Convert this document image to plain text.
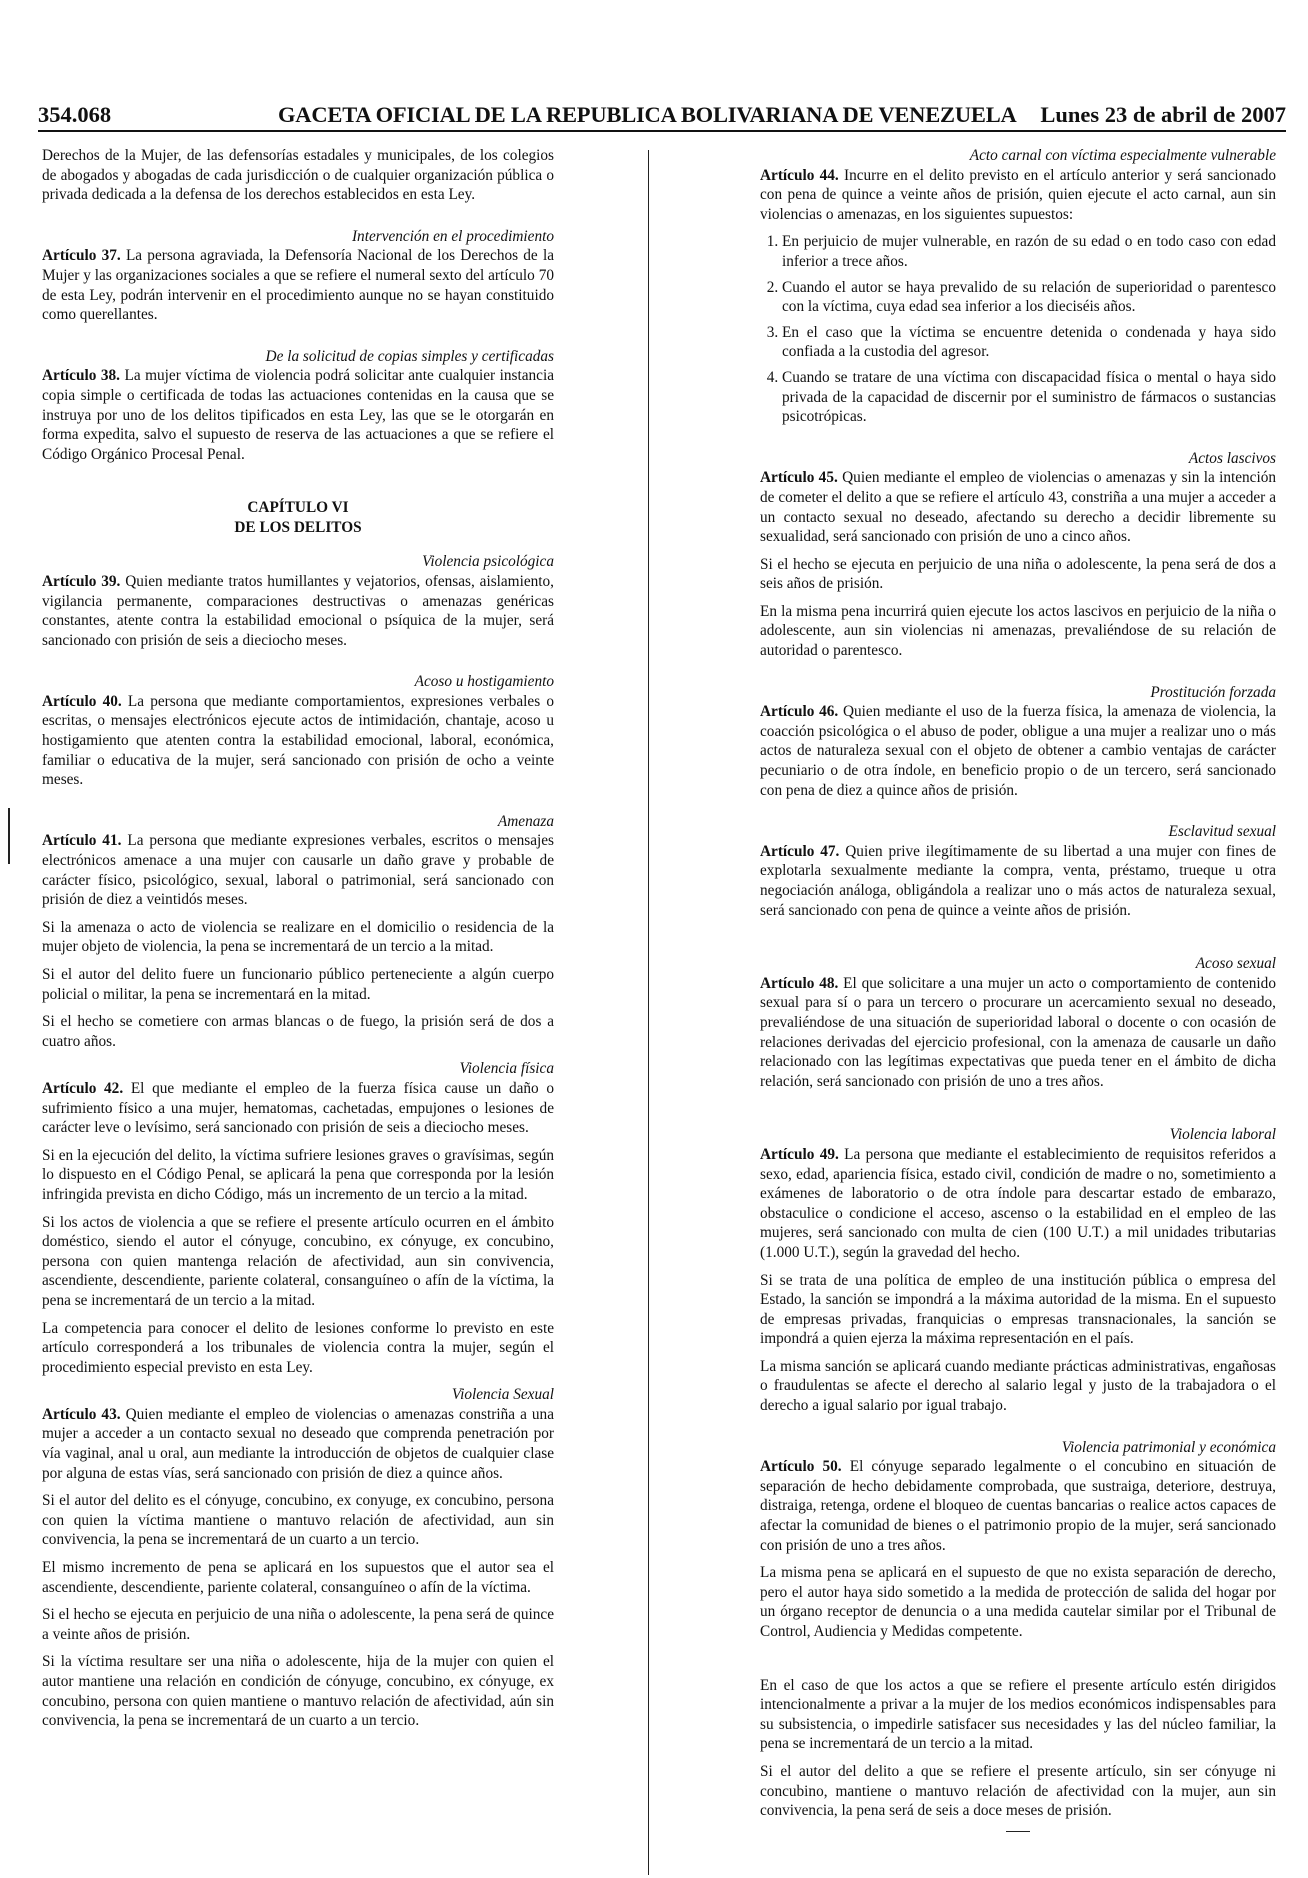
354.068	GACETA OFICIAL DE LA REPUBLICA BOLIVARIANA DE VENEZUELA Lunes 23 de abril de 2007

Derechos de la Mujer, de las defensorías estadales y municipales, de los colegios de abogados y abogadas de cada jurisdicción o de cualquier organización pública o privada dedicada a la defensa de los derechos establecidos en esta Ley.

Intervención en el procedimiento

Artículo 37. La persona agraviada, la Defensoría Nacional de los Derechos de la Mujer y las organizaciones sociales a que se refiere el numeral sexto del artículo 70 de esta Ley, podrán intervenir en el procedimiento aunque no se hayan constituido como querellantes.

De la solicitud de copias simples y certificadas

Artículo 38. La mujer víctima de violencia podrá solicitar ante cualquier instancia copia simple o certificada de todas las actuaciones contenidas en la causa que se instruya por uno de los delitos tipificados en esta Ley, las que se le otorgarán en forma expedita, salvo el supuesto de reserva de las actuaciones a que se refiere el Código Orgánico Procesal Penal.

CAPÍTULO VI
DE LOS DELITOS
Violencia psicológica

Artículo 39. Quien mediante tratos humillantes y vejatorios, ofensas, aislamiento, vigilancia permanente, comparaciones destructivas o amenazas genéricas constantes, atente contra la estabilidad emocional o psíquica de la mujer, será sancionado con prisión de seis a dieciocho meses.

Acoso u hostigamiento

Artículo 40. La persona que mediante comportamientos, expresiones verbales o escritas, o mensajes electrónicos ejecute actos de intimidación, chantaje, acoso u hostigamiento que atenten contra la estabilidad emocional, laboral, económica, familiar o educativa de la mujer, será sancionado con prisión de ocho a veinte meses.

Amenaza

Artículo 41. La persona que mediante expresiones verbales, escritos o mensajes electrónicos amenace a una mujer con causarle un daño grave y probable de carácter físico, psicológico, sexual, laboral o patrimonial, será sancionado con prisión de diez a veintidós meses.

Si la amenaza o acto de violencia se realizare en el domicilio o residencia de la mujer objeto de violencia, la pena se incrementará de un tercio a la mitad.

Si el autor del delito fuere un funcionario público perteneciente a algún cuerpo policial o militar, la pena se incrementará en la mitad.

Si el hecho se cometiere con armas blancas o de fuego, la prisión será de dos a cuatro años.

Violencia física

Artículo 42. El que mediante el empleo de la fuerza física cause un daño o sufrimiento físico a una mujer, hematomas, cachetadas, empujones o lesiones de carácter leve o levísimo, será sancionado con prisión de seis a dieciocho meses.

Si en la ejecución del delito, la víctima sufriere lesiones graves o gravísimas, según lo dispuesto en el Código Penal, se aplicará la pena que corresponda por la lesión infringida prevista en dicho Código, más un incremento de un tercio a la mitad.

Si los actos de violencia a que se refiere el presente artículo ocurren en el ámbito doméstico, siendo el autor el cónyuge, concubino, ex cónyuge, ex concubino, persona con quien mantenga relación de afectividad, aun sin convivencia, ascendiente, descendiente, pariente colateral, consanguíneo o afín de la víctima, la pena se incrementará de un tercio a la mitad.

La competencia para conocer el delito de lesiones conforme lo previsto en este artículo corresponderá a los tribunales de violencia contra la mujer, según el procedimiento especial previsto en esta Ley.

Violencia Sexual

Artículo 43. Quien mediante el empleo de violencias o amenazas constriña a una mujer a acceder a un contacto sexual no deseado que comprenda penetración por vía vaginal, anal u oral, aun mediante la introducción de objetos de cualquier clase por alguna de estas vías, será sancionado con prisión de diez a quince años.

Si el autor del delito es el cónyuge, concubino, ex conyuge, ex concubino, persona con quien la víctima mantiene o mantuvo relación de afectividad, aun sin convivencia, la pena se incrementará de un cuarto a un tercio.

El mismo incremento de pena se aplicará en los supuestos que el autor sea el ascendiente, descendiente, pariente colateral, consanguíneo o afín de la víctima.

Si el hecho se ejecuta en perjuicio de una niña o adolescente, la pena será de quince a veinte años de prisión.

Si la víctima resultare ser una niña o adolescente, hija de la mujer con quien el autor mantiene una relación en condición de cónyuge, concubino, ex cónyuge, ex concubino, persona con quien mantiene o mantuvo relación de afectividad, aún sin convivencia, la pena se incrementará de un cuarto a un tercio.

Acto carnal con víctima especialmente vulnerable

Artículo 44. Incurre en el delito previsto en el artículo anterior y será sancionado con pena de quince a veinte años de prisión, quien ejecute el acto carnal, aun sin violencias o amenazas, en los siguientes supuestos:

1. En perjuicio de mujer vulnerable, en razón de su edad o en todo caso con edad inferior a trece años.
2. Cuando el autor se haya prevalido de su relación de superioridad o parentesco con la víctima, cuya edad sea inferior a los dieciséis años.
3. En el caso que la víctima se encuentre detenida o condenada y haya sido confiada a la custodia del agresor.
4. Cuando se tratare de una víctima con discapacidad física o mental o haya sido privada de la capacidad de discernir por el suministro de fármacos o sustancias psicotrópicas.
Actos lascivos

Artículo 45. Quien mediante el empleo de violencias o amenazas y sin la intención de cometer el delito a que se refiere el artículo 43, constriña a una mujer a acceder a un contacto sexual no deseado, afectando su derecho a decidir libremente su sexualidad, será sancionado con prisión de uno a cinco años.

Si el hecho se ejecuta en perjuicio de una niña o adolescente, la pena será de dos a seis años de prisión.

En la misma pena incurrirá quien ejecute los actos lascivos en perjuicio de la niña o adolescente, aun sin violencias ni amenazas, prevaliéndose de su relación de autoridad o parentesco.

Prostitución forzada

Artículo 46. Quien mediante el uso de la fuerza física, la amenaza de violencia, la coacción psicológica o el abuso de poder, obligue a una mujer a realizar uno o más actos de naturaleza sexual con el objeto de obtener a cambio ventajas de carácter pecuniario o de otra índole, en beneficio propio o de un tercero, será sancionado con pena de diez a quince años de prisión.

Esclavitud sexual

Artículo 47. Quien prive ilegítimamente de su libertad a una mujer con fines de explotarla sexualmente mediante la compra, venta, préstamo, trueque u otra negociación análoga, obligándola a realizar uno o más actos de naturaleza sexual, será sancionado con pena de quince a veinte años de prisión.

Acoso sexual

Artículo 48. El que solicitare a una mujer un acto o comportamiento de contenido sexual para sí o para un tercero o procurare un acercamiento sexual no deseado, prevaliéndose de una situación de superioridad laboral o docente o con ocasión de relaciones derivadas del ejercicio profesional, con la amenaza de causarle un daño relacionado con las legítimas expectativas que pueda tener en el ámbito de dicha relación, será sancionado con prisión de uno a tres años.

Violencia laboral

Artículo 49. La persona que mediante el establecimiento de requisitos referidos a sexo, edad, apariencia física, estado civil, condición de madre o no, sometimiento a exámenes de laboratorio o de otra índole para descartar estado de embarazo, obstaculice o condicione el acceso, ascenso o la estabilidad en el empleo de las mujeres, será sancionado con multa de cien (100 U.T.) a mil unidades tributarias (1.000 U.T.), según la gravedad del hecho.

Si se trata de una política de empleo de una institución pública o empresa del Estado, la sanción se impondrá a la máxima autoridad de la misma. En el supuesto de empresas privadas, franquicias o empresas transnacionales, la sanción se impondrá a quien ejerza la máxima representación en el país.

La misma sanción se aplicará cuando mediante prácticas administrativas, engañosas o fraudulentas se afecte el derecho al salario legal y justo de la trabajadora o el derecho a igual salario por igual trabajo.

Violencia patrimonial y económica

Artículo 50. El cónyuge separado legalmente o el concubino en situación de separación de hecho debidamente comprobada, que sustraiga, deteriore, destruya, distraiga, retenga, ordene el bloqueo de cuentas bancarias o realice actos capaces de afectar la comunidad de bienes o el patrimonio propio de la mujer, será sancionado con prisión de uno a tres años.

La misma pena se aplicará en el supuesto de que no exista separación de derecho, pero el autor haya sido sometido a la medida de protección de salida del hogar por un órgano receptor de denuncia o a una medida cautelar similar por el Tribunal de Control, Audiencia y Medidas competente.

En el caso de que los actos a que se refiere el presente artículo estén dirigidos intencionalmente a privar a la mujer de los medios económicos indispensables para su subsistencia, o impedirle satisfacer sus necesidades y las del núcleo familiar, la pena se incrementará de un tercio a la mitad.

Si el autor del delito a que se refiere el presente artículo, sin ser cónyuge ni concubino, mantiene o mantuvo relación de afectividad con la mujer, aun sin convivencia, la pena será de seis a doce meses de prisión.
